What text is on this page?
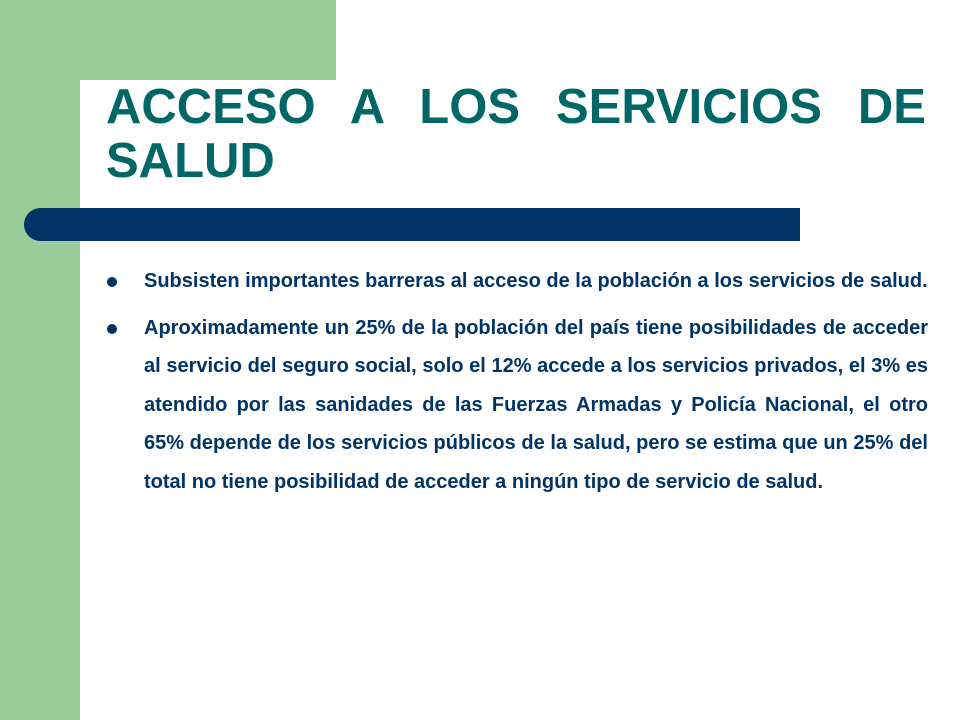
ACCESO A LOS SERVICIOS DE SALUD
Subsisten importantes barreras al acceso de la población a los servicios de salud.
Aproximadamente un 25% de la población del país tiene posibilidades de acceder al servicio del seguro social, solo el 12% accede a los servicios privados, el 3% es atendido por las sanidades de las Fuerzas Armadas y Policía Nacional, el otro 65% depende de los servicios públicos de la salud, pero se estima que un 25% del total no tiene posibilidad de acceder a ningún tipo de servicio de salud.
